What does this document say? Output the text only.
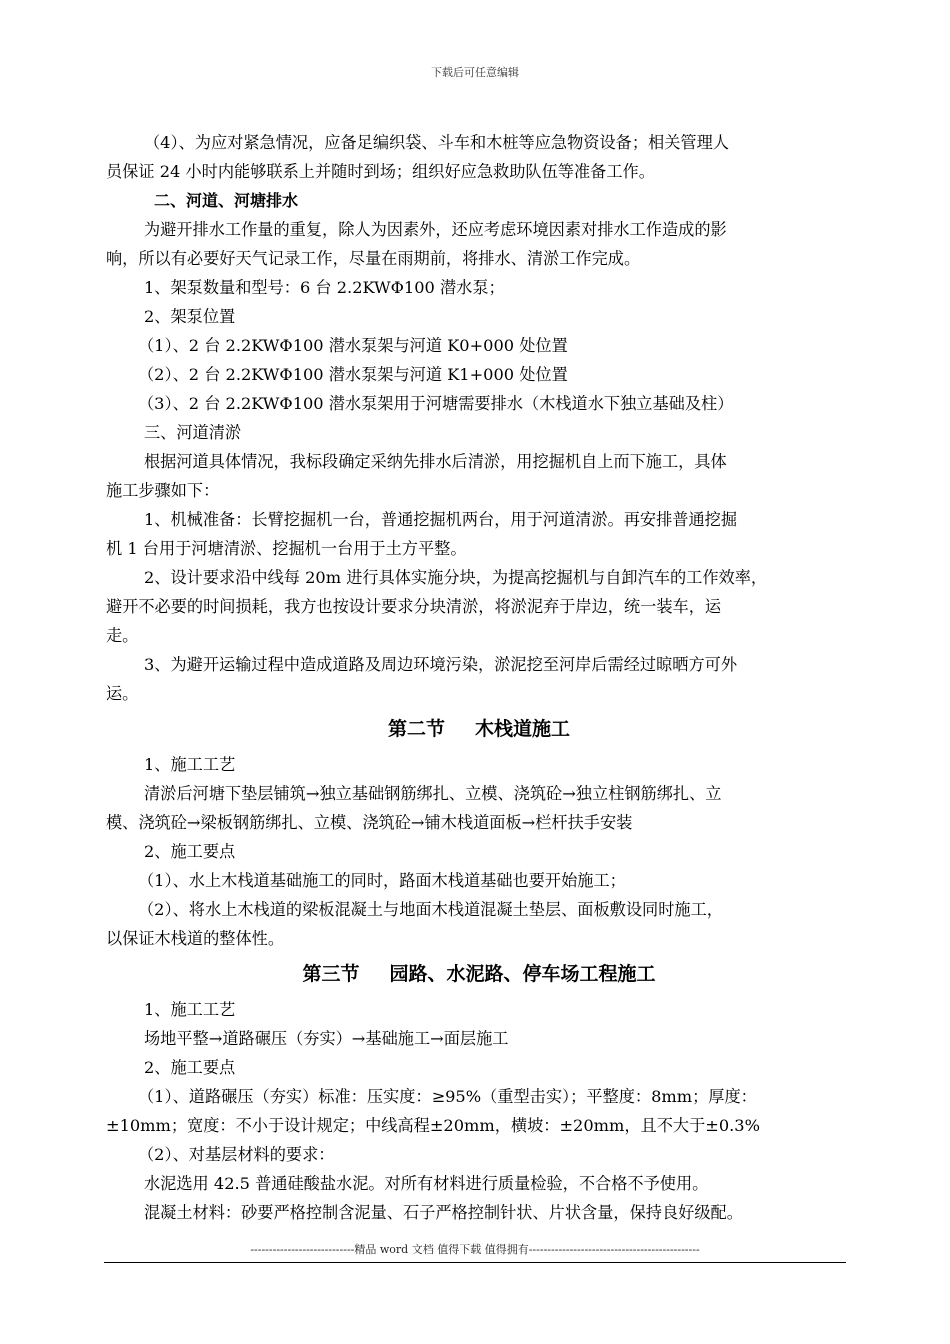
下载后可任意编辑

（4）、为应对紧急情况，应备足编织袋、斗车和木桩等应急物资设备；相关管理人

员保证 24 小时内能够联系上并随时到场；组织好应急救助队伍等准备工作。

二、河道、河塘排水

为避开排水工作量的重复，除人为因素外，还应考虑环境因素对排水工作造成的影

响，所以有必要好天气记录工作，尽量在雨期前，将排水、清淤工作完成。

1、架泵数量和型号：6 台 2.2KWΦ100 潜水泵；

2、架泵位置

（1）、2 台 2.2KWΦ100 潜水泵架与河道 K0+000 处位置

（2）、2 台 2.2KWΦ100 潜水泵架与河道 K1+000 处位置

（3）、2 台 2.2KWΦ100 潜水泵架用于河塘需要排水（木栈道水下独立基础及柱）

三、河道清淤

根据河道具体情况，我标段确定采纳先排水后清淤，用挖掘机自上而下施工，具体

施工步骤如下：

1、机械准备：长臂挖掘机一台，普通挖掘机两台，用于河道清淤。再安排普通挖掘

机 1 台用于河塘清淤、挖掘机一台用于土方平整。

2、设计要求沿中线每 20m 进行具体实施分块，为提高挖掘机与自卸汽车的工作效率，

避开不必要的时间损耗，我方也按设计要求分块清淤，将淤泥弃于岸边，统一装车，运

走。

3、为避开运输过程中造成道路及周边环境污染，淤泥挖至河岸后需经过晾晒方可外

运。

第二节 木栈道施工

1、施工工艺

清淤后河塘下垫层铺筑→独立基础钢筋绑扎、立模、浇筑砼→独立柱钢筋绑扎、立

模、浇筑砼→梁板钢筋绑扎、立模、浇筑砼→铺木栈道面板→栏杆扶手安装

2、施工要点

（1）、水上木栈道基础施工的同时，路面木栈道基础也要开始施工；

（2）、将水上木栈道的梁板混凝土与地面木栈道混凝土垫层、面板敷设同时施工，

以保证木栈道的整体性。

第三节 园路、水泥路、停车场工程施工

1、施工工艺

场地平整→道路碾压（夯实）→基础施工→面层施工

2、施工要点

（1）、道路碾压（夯实）标准：压实度：≥95%（重型击实）；平整度：8mm；厚度：

±10mm；宽度：不小于设计规定；中线高程±20mm，横坡：±20mm，且不大于±0.3%

（2）、对基层材料的要求：

水泥选用 42.5 普通硅酸盐水泥。对所有材料进行质量检验，不合格不予使用。

混凝土材料：砂要严格控制含泥量、石子严格控制针状、片状含量，保持良好级配。

----------------------------精品 word 文档 值得下载 值得拥有----------------------------------------------
